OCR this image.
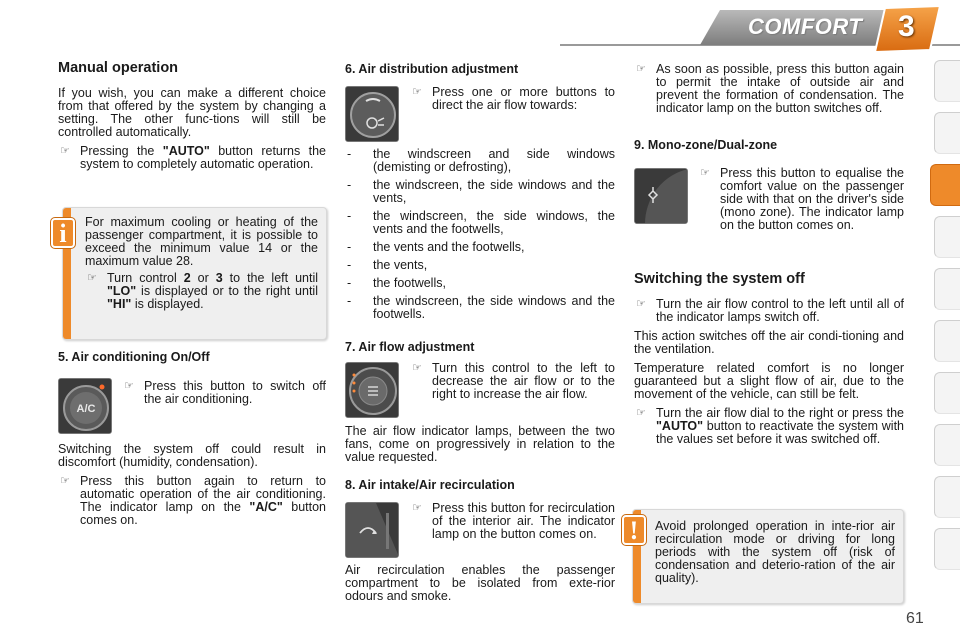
COMFORT 3
Manual operation

If you wish, you can make a different choice from that offered by the system by changing a setting. The other func-tions will still be controlled automatically.

☞ Pressing the "AUTO" button returns the system to completely automatic operation.

For maximum cooling or heating of the passenger compartment, it is possible to exceed the minimum value 14 or the maximum value 28.

☞ Turn control 2 or 3 to the left until "LO" is displayed or to the right until "HI" is displayed.
i
5. Air conditioning On/Off
A/C
☞ Press this button to switch off the air conditioning.

Switching the system off could result in discomfort (humidity, condensation).

☞ Press this button again to return to automatic operation of the air conditioning. The indicator lamp on the "A/C" button comes on.
6. Air distribution adjustment
☞ Press one or more buttons to direct the air flow towards:
- the windscreen and side windows (demisting or defrosting),
- the windscreen, the side windows and the vents,
- the windscreen, the side windows, the vents and the footwells,
- the vents and the footwells,
- the vents,
- the footwells,
- the windscreen, the side windows and the footwells.
7. Air flow adjustment
☞ Turn this control to the left to decrease the air flow or to the right to increase the air flow.

The air flow indicator lamps, between the two fans, come on progressively in relation to the value requested.

8. Air intake/Air recirculation
☞ Press this button for recirculation of the interior air. The indicator lamp on the button comes on.

Air recirculation enables the passenger compartment to be isolated from exte-rior odours and smoke.

☞ As soon as possible, press this button again to permit the intake of outside air and prevent the formation of condensation. The indicator lamp on the button switches off.
9. Mono-zone/Dual-zone
☞ Press this button to equalise the comfort value on the passenger side with that on the driver's side (mono zone). The indicator lamp on the button comes on.
Switching the system off
☞ Turn the air flow control to the left until all of the indicator lamps switch off.

This action switches off the air condi-tioning and the ventilation.

Temperature related comfort is no longer guaranteed but a slight flow of air, due to the movement of the vehicle, can still be felt.

☞ Turn the air flow dial to the right or press the "AUTO" button to reactivate the system with the values set before it was switched off.

Avoid prolonged operation in inte-rior air recirculation mode or driving for long periods with the system off (risk of condensation and deterio-ration of the air quality).

!
61
